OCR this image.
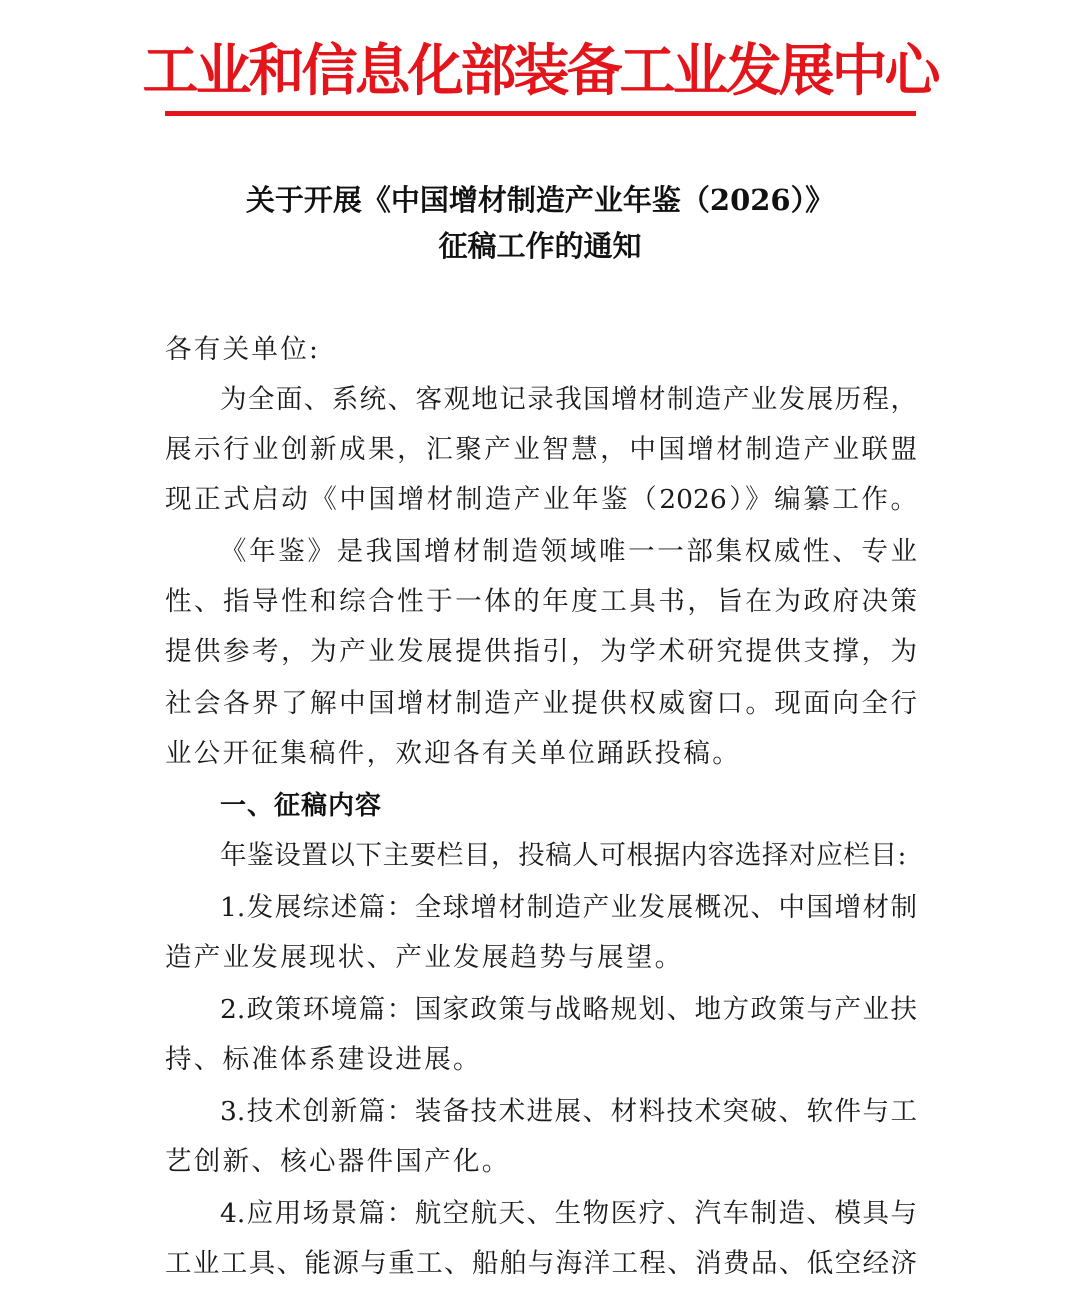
工业和信息化部装备工业发展中心
关于开展《中国增材制造产业年鉴（2026）》
征稿工作的通知
各有关单位:
为全面、系统、客观地记录我国增材制造产业发展历程，
展示行业创新成果，汇聚产业智慧，中国增材制造产业联盟
现正式启动《中国增材制造产业年鉴（2026）》编纂工作。
《年鉴》是我国增材制造领域唯一一部集权威性、专业
性、指导性和综合性于一体的年度工具书，旨在为政府决策
提供参考，为产业发展提供指引，为学术研究提供支撑，为
社会各界了解中国增材制造产业提供权威窗口。现面向全行
业公开征集稿件，欢迎各有关单位踊跃投稿。
一、征稿内容
年鉴设置以下主要栏目，投稿人可根据内容选择对应栏目:
1.发展综述篇：全球增材制造产业发展概况、中国增材制
造产业发展现状、产业发展趋势与展望。
2.政策环境篇：国家政策与战略规划、地方政策与产业扶
持、标准体系建设进展。
3.技术创新篇：装备技术进展、材料技术突破、软件与工
艺创新、核心器件国产化。
4.应用场景篇：航空航天、生物医疗、汽车制造、模具与
工业工具、能源与重工、船舶与海洋工程、消费品、低空经济
